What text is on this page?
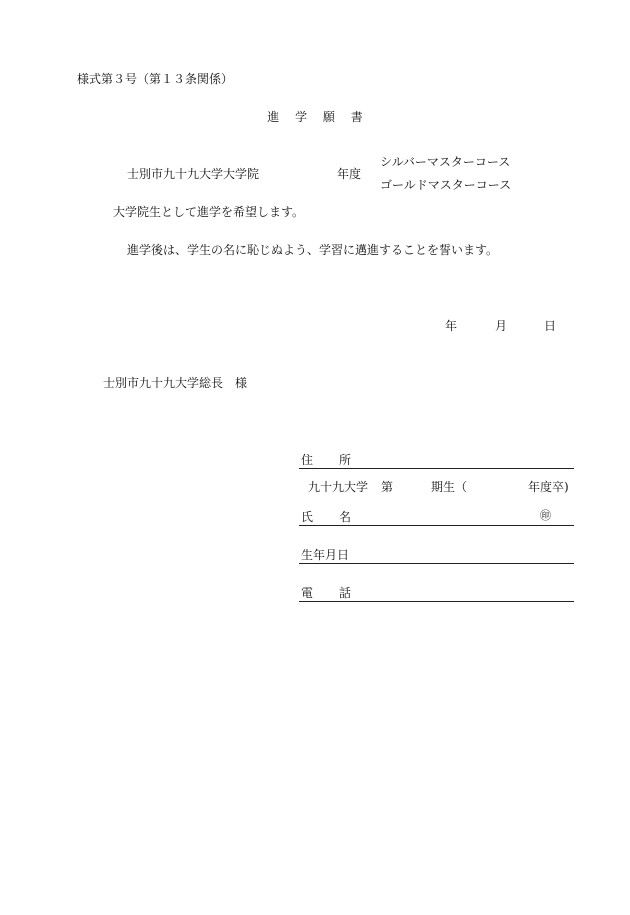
様式第３号（第１３条関係）
進 学 願 書
士別市九十九大学大学院	年度
シルバーマスターコース
ゴールドマスターコース
大学院生として進学を希望します。
進学後は、学生の名に恥じぬよう、学習に邁進することを誓います。
年	月	日
士別市九十九大学総長　様
住 所
九十九大学 第	期生（	年度卒)
氏 名	㊞
生年月日
電 話
